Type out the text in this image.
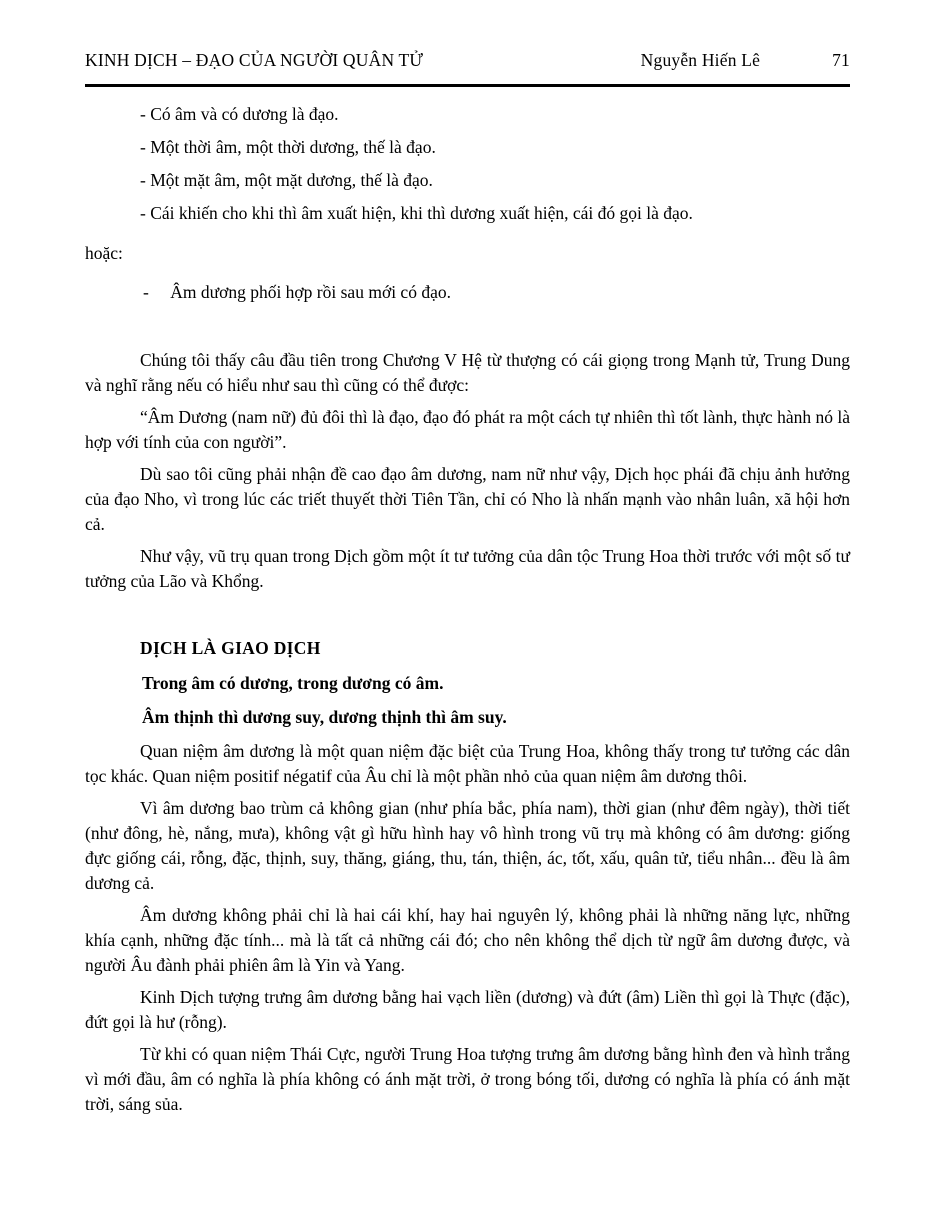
KINH DỊCH – ĐẠO CỦA NGƯỜI QUÂN TỬ	Nguyễn Hiến Lê	71

- Có âm và có dương là đạo.

- Một thời âm, một thời dương, thế là đạo.

- Một mặt âm, một mặt dương, thế là đạo.

- Cái khiến cho khi thì âm xuất hiện, khi thì dương xuất hiện, cái đó gọi là đạo.

hoặc:

- Âm dương phối hợp rồi sau mới có đạo.

Chúng tôi thấy câu đầu tiên trong Chương V Hệ từ thượng có cái giọng trong Mạnh tử, Trung Dung và nghĩ rằng nếu có hiểu như sau thì cũng có thể được:

“Âm Dương (nam nữ) đủ đôi thì là đạo, đạo đó phát ra một cách tự nhiên thì tốt lành, thực hành nó là hợp với tính của con người”.

Dù sao tôi cũng phải nhận đề cao đạo âm dương, nam nữ như vậy, Dịch học phái đã chịu ảnh hưởng của đạo Nho, vì trong lúc các triết thuyết thời Tiên Tần, chỉ có Nho là nhấn mạnh vào nhân luân, xã hội hơn cả.

Như vậy, vũ trụ quan trong Dịch gồm một ít tư tưởng của dân tộc Trung Hoa thời trước với một số tư tưởng của Lão và Khổng.

DỊCH LÀ GIAO DỊCH

Trong âm có dương, trong dương có âm.

Âm thịnh thì dương suy, dương thịnh thì âm suy.

Quan niệm âm dương là một quan niệm đặc biệt của Trung Hoa, không thấy trong tư tưởng các dân tọc khác. Quan niệm positif négatif của Âu chỉ là một phần nhỏ của quan niệm âm dương thôi.

Vì âm dương bao trùm cả không gian (như phía bắc, phía nam), thời gian (như đêm ngày), thời tiết (như đông, hè, nắng, mưa), không vật gì hữu hình hay vô hình trong vũ trụ mà không có âm dương: giống đực giống cái, rỗng, đặc, thịnh, suy, thăng, giáng, thu, tán, thiện, ác, tốt, xấu, quân tử, tiểu nhân... đều là âm dương cả.

Âm dương không phải chỉ là hai cái khí, hay hai nguyên lý, không phải là những năng lực, những khía cạnh, những đặc tính... mà là tất cả những cái đó; cho nên không thể dịch từ ngữ âm dương được, và người Âu đành phải phiên âm là Yin và Yang.

Kinh Dịch tượng trưng âm dương bằng hai vạch liền (dương) và đứt (âm) Liền thì gọi là Thực (đặc), đứt gọi là hư (rỗng).

Từ khi có quan niệm Thái Cực, người Trung Hoa tượng trưng âm dương bằng hình đen và hình trắng vì mới đầu, âm có nghĩa là phía không có ánh mặt trời, ở trong bóng tối, dương có nghĩa là phía có ánh mặt trời, sáng sủa.
